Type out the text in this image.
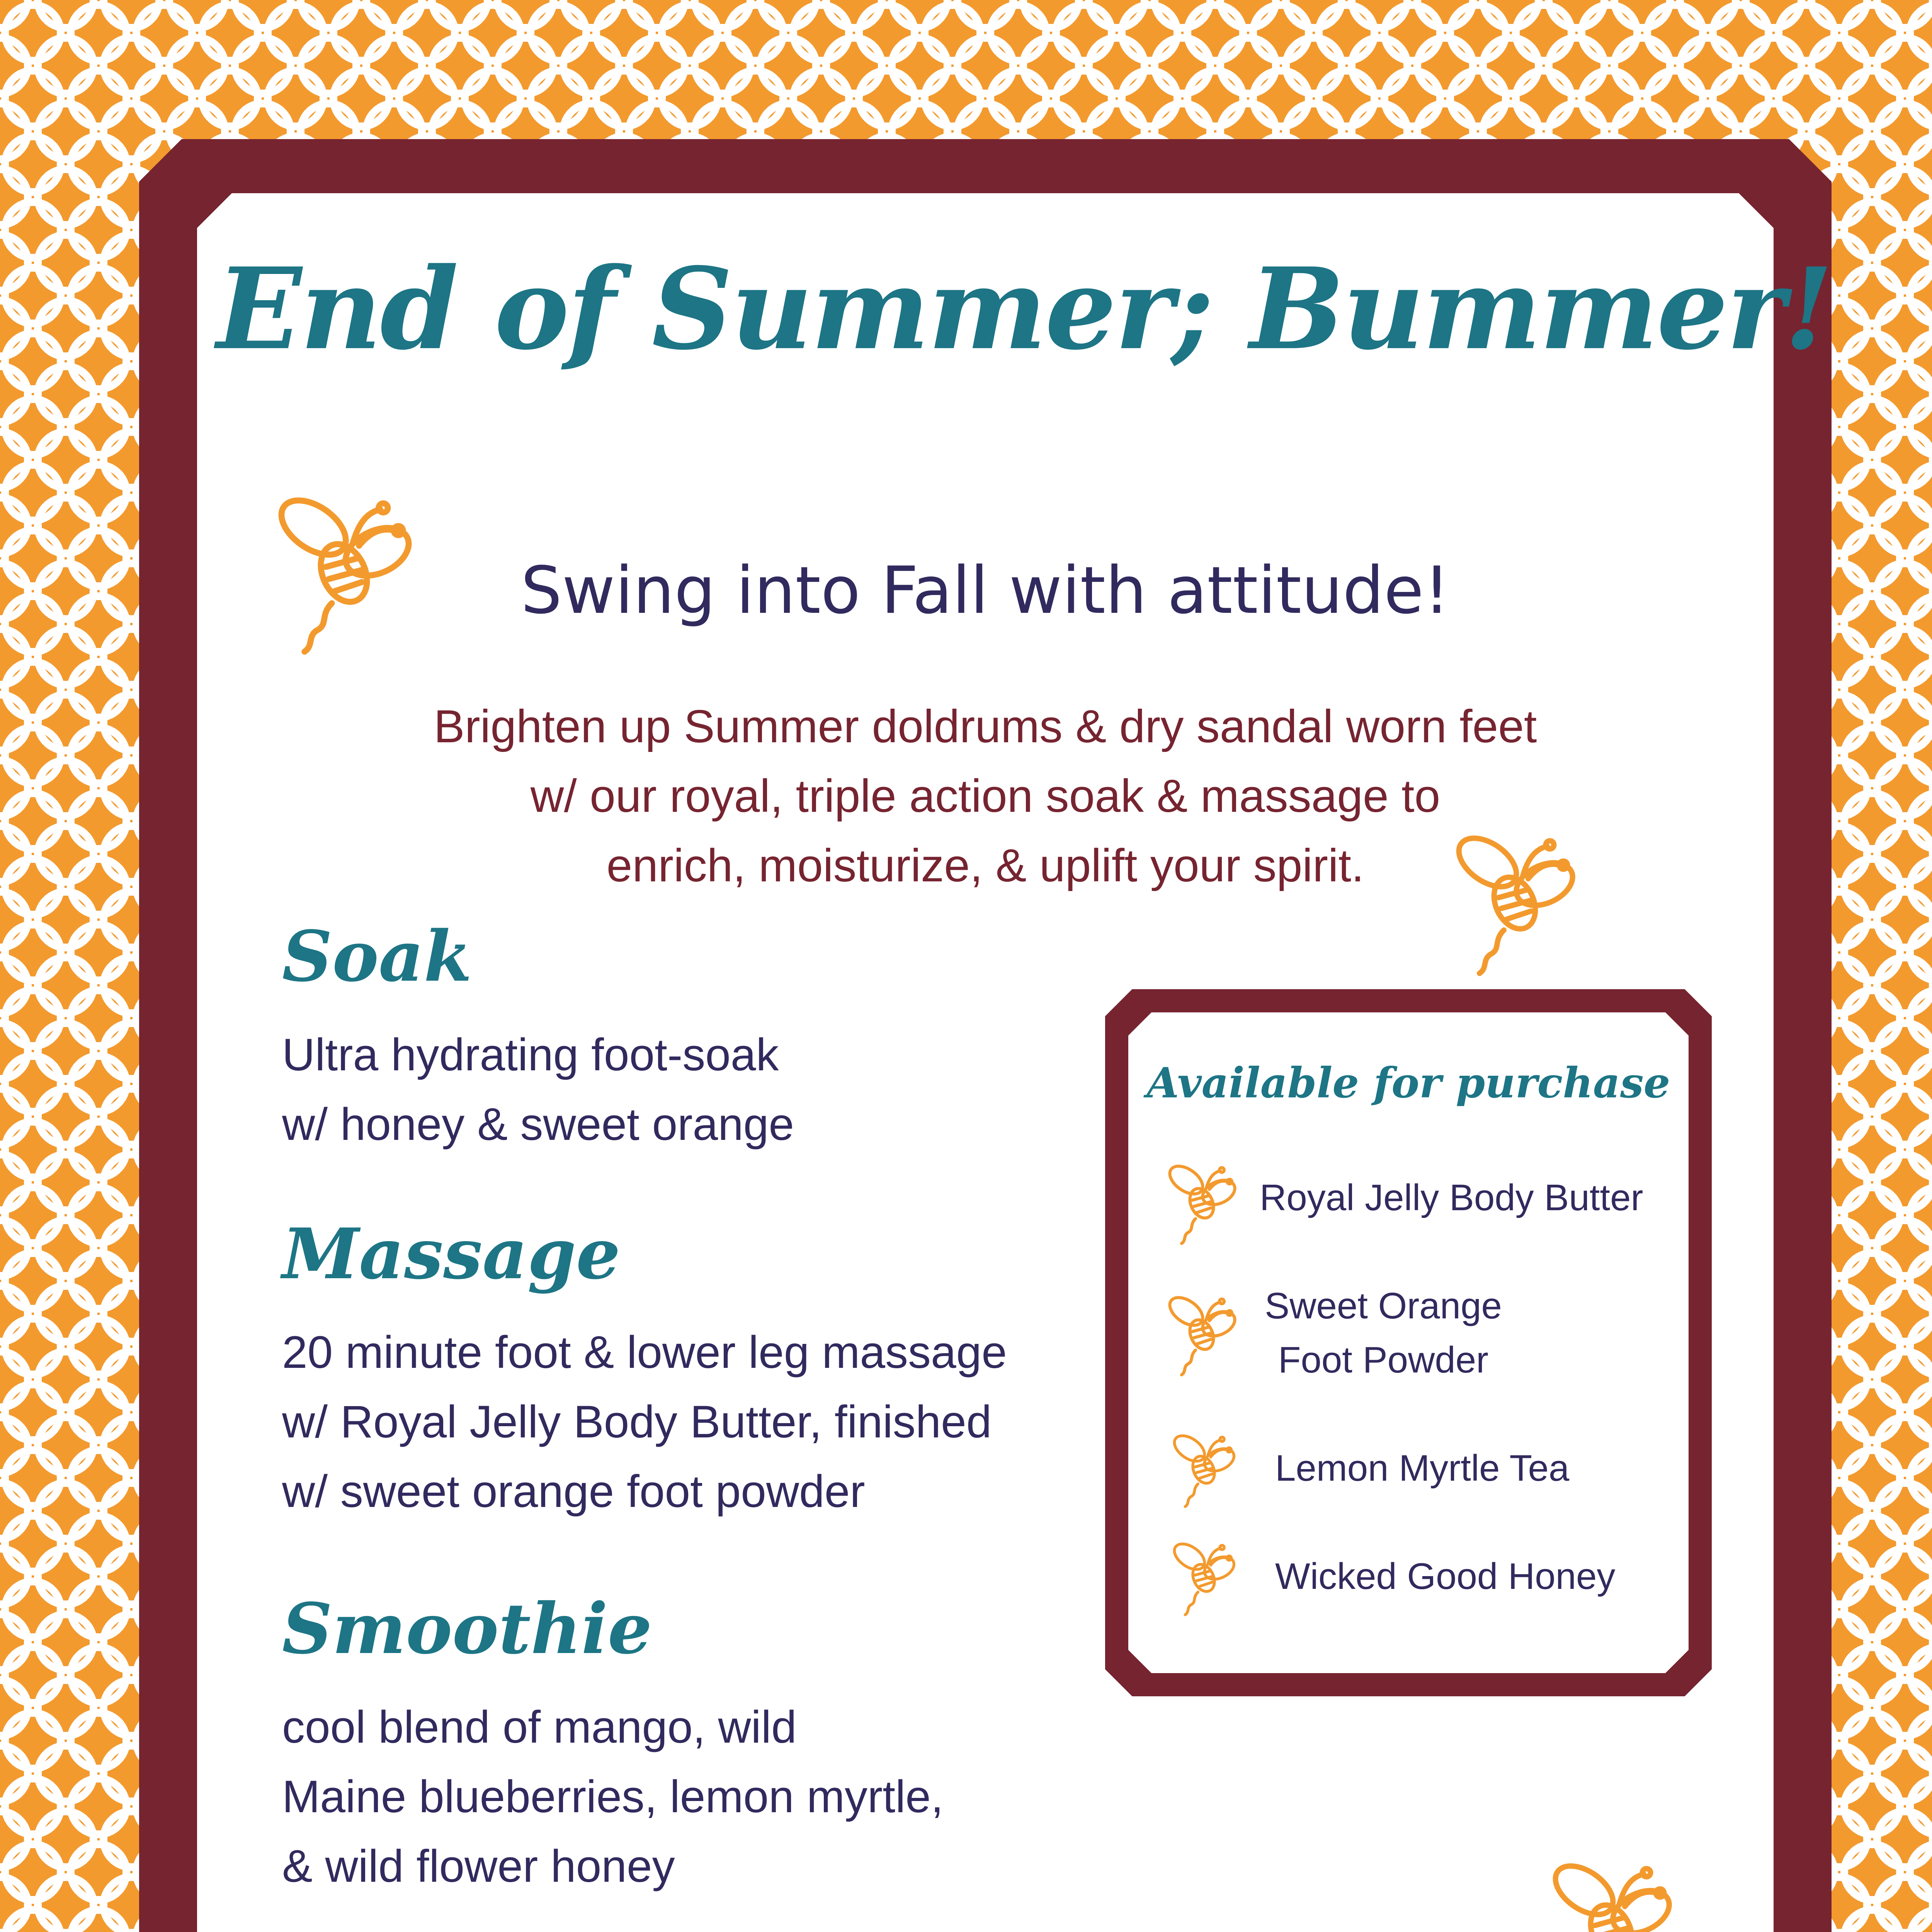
End of Summer; Bummer!

Swing into Fall with attitude!

Brighten up Summer doldrums & dry sandal worn feet
w/ our royal, triple action soak & massage to
enrich, moisturize, & uplift your spirit.
Soak
Ultra hydrating foot-soak
w/ honey & sweet orange
Massage
20 minute foot & lower leg massage
w/ Royal Jelly Body Butter, finished
w/ sweet orange foot powder
Smoothie
cool blend of mango, wild
Maine blueberries, lemon myrtle,
& wild flower honey
Available for purchase
Royal Jelly Body Butter
Sweet Orange
Foot Powder
Lemon Myrtle Tea
Wicked Good Honey
